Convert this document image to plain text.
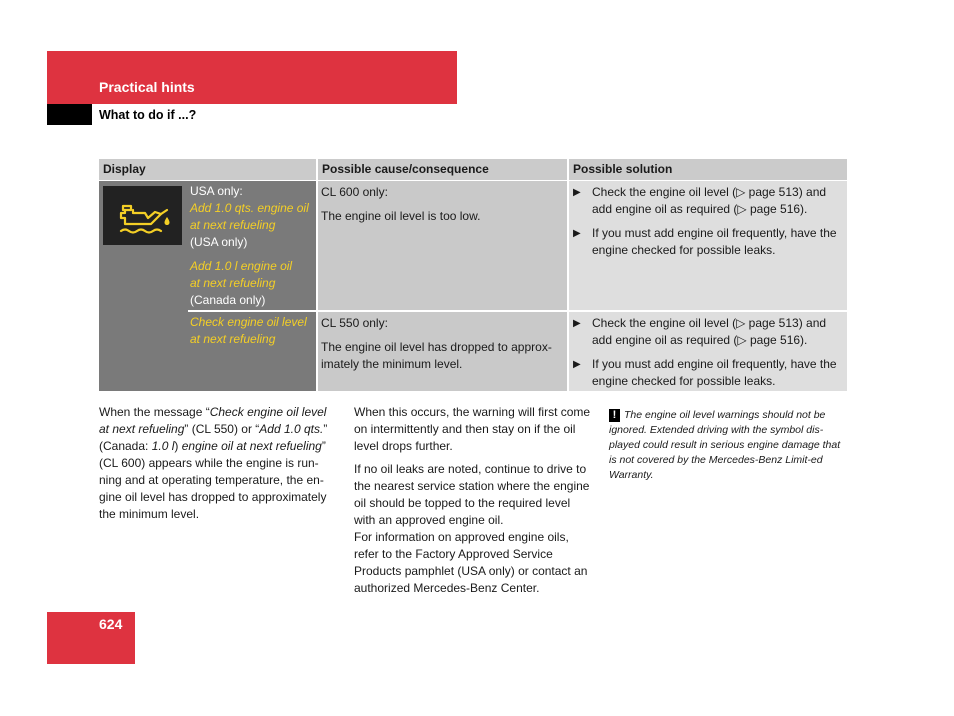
Practical hints
What to do if ...?
Display	Possible cause/consequence	Possible solution
USA only:
Add 1.0 qts. engine oil
at next refueling
(USA only)
Add 1.0 l engine oil
at next refueling
(Canada only)
Check engine oil level
at next refueling
CL 600 only:
The engine oil level is too low.
▶ Check the engine oil level (▷ page 513) and add engine oil as required (▷ page 516).
▶ If you must add engine oil frequently, have the engine checked for possible leaks.
CL 550 only:
The engine oil level has dropped to approx-imately the minimum level.
▶ Check the engine oil level (▷ page 513) and add engine oil as required (▷ page 516).
▶ If you must add engine oil frequently, have the engine checked for possible leaks.
When the message “Check engine oil level at next refueling” (CL 550) or “Add 1.0 qts.” (Canada: 1.0 l) engine oil at next refueling” (CL 600) appears while the engine is run-ning and at operating temperature, the en-gine oil level has dropped to approximately the minimum level.

When this occurs, the warning will first come on intermittently and then stay on if the oil level drops further.

If no oil leaks are noted, continue to drive to the nearest service station where the engine oil should be topped to the required level with an approved engine oil.
For information on approved engine oils, refer to the Factory Approved Service Products pamphlet (USA only) or contact an authorized Mercedes-Benz Center.
! The engine oil level warnings should not be ignored. Extended driving with the symbol dis-played could result in serious engine damage that is not covered by the Mercedes-Benz Limit-ed Warranty.
624
